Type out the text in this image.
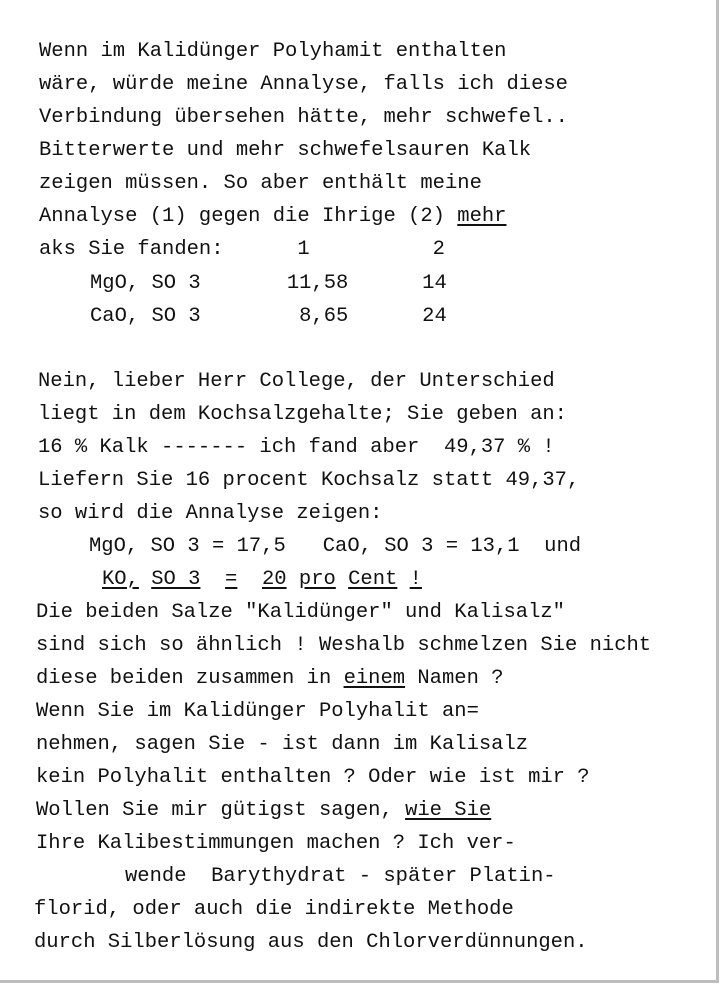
Wenn im Kalidünger Polyhamit enthalten
wäre, würde meine Annalyse, falls ich diese
Verbindung übersehen hätte, mehr schwefel..
Bitterwerte und mehr schwefelsauren Kalk
zeigen müssen. So aber enthält meine
Annalyse (1) gegen die Ihrige (2) mehr
aks Sie fanden:      1          2
MgO, SO 3       11,58      14
CaO, SO 3        8,65      24
Nein, lieber Herr College, der Unterschied
liegt in dem Kochsalzgehalte; Sie geben an:
16 % Kalk ------- ich fand aber  49,37 % !
Liefern Sie 16 procent Kochsalz statt 49,37,
so wird die Annalyse zeigen:
MgO, SO 3 = 17,5   CaO, SO 3 = 13,1  und
KO, SO 3 = 20 pro Cent !
Die beiden Salze "Kalidünger" und Kalisalz"
sind sich so ähnlich ! Weshalb schmelzen Sie nicht
diese beiden zusammen in einem Namen ?
Wenn Sie im Kalidünger Polyhalit an=
nehmen, sagen Sie - ist dann im Kalisalz
kein Polyhalit enthalten ? Oder wie ist mir ?
Wollen Sie mir gütigst sagen, wie Sie
Ihre Kalibestimmungen machen ? Ich ver-
wende  Barythydrat - später Platin-
florid, oder auch die indirekte Methode
durch Silberlösung aus den Chlorverdünnungen.
